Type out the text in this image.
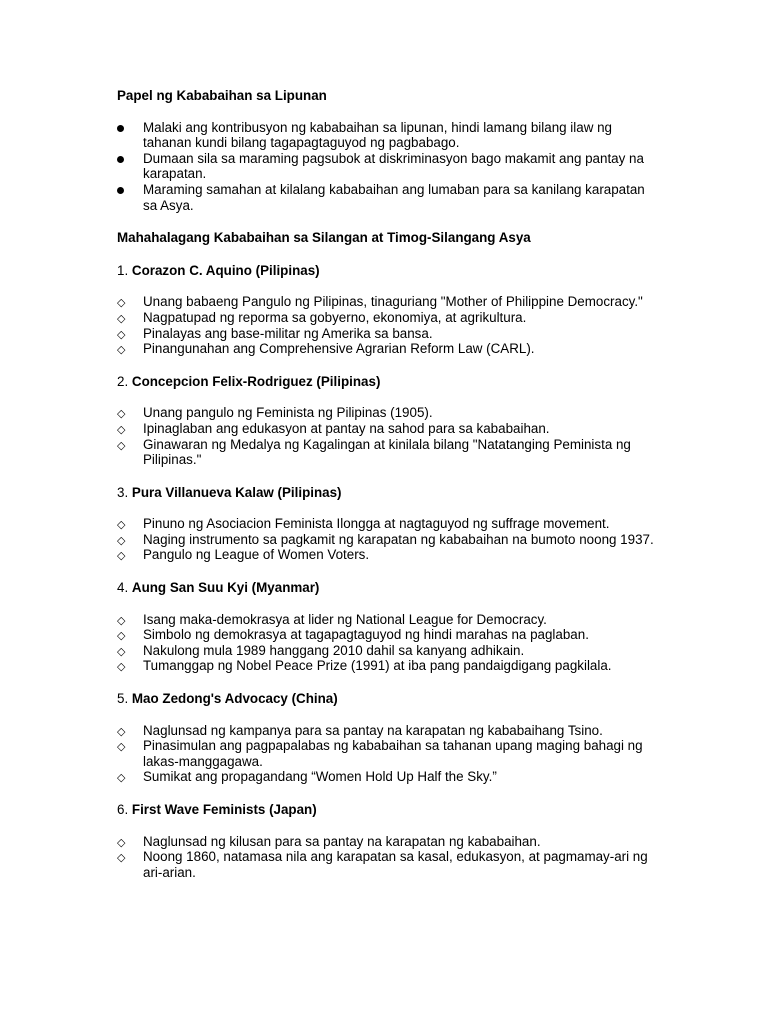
Papel ng Kababaihan sa Lipunan

Malaki ang kontribusyon ng kababaihan sa lipunan, hindi lamang bilang ilaw ng tahanan kundi bilang tagapagtaguyod ng pagbabago.
Dumaan sila sa maraming pagsubok at diskriminasyon bago makamit ang pantay na karapatan.
Maraming samahan at kilalang kababaihan ang lumaban para sa kanilang karapatan sa Asya.

Mahahalagang Kababaihan sa Silangan at Timog-Silangang Asya

1. Corazon C. Aquino (Pilipinas)

◇	Unang babaeng Pangulo ng Pilipinas, tinaguriang "Mother of Philippine Democracy."
◇	Nagpatupad ng reporma sa gobyerno, ekonomiya, at agrikultura.
◇	Pinalayas ang base-militar ng Amerika sa bansa.
◇	Pinangunahan ang Comprehensive Agrarian Reform Law (CARL).

2. Concepcion Felix-Rodriguez (Pilipinas)

◇	Unang pangulo ng Feminista ng Pilipinas (1905).
◇	Ipinaglaban ang edukasyon at pantay na sahod para sa kababaihan.
◇	Ginawaran ng Medalya ng Kagalingan at kinilala bilang "Natatanging Peminista ng Pilipinas."

3. Pura Villanueva Kalaw (Pilipinas)

◇	Pinuno ng Asociacion Feminista Ilongga at nagtaguyod ng suffrage movement.
◇	Naging instrumento sa pagkamit ng karapatan ng kababaihan na bumoto noong 1937.
◇	Pangulo ng League of Women Voters.

4. Aung San Suu Kyi (Myanmar)

◇	Isang maka-demokrasya at lider ng National League for Democracy.
◇	Simbolo ng demokrasya at tagapagtaguyod ng hindi marahas na paglaban.
◇	Nakulong mula 1989 hanggang 2010 dahil sa kanyang adhikain.
◇	Tumanggap ng Nobel Peace Prize (1991) at iba pang pandaigdigang pagkilala.

5. Mao Zedong's Advocacy (China)

◇	Naglunsad ng kampanya para sa pantay na karapatan ng kababaihang Tsino.
◇	Pinasimulan ang pagpapalabas ng kababaihan sa tahanan upang maging bahagi ng lakas-manggagawa.
◇	Sumikat ang propagandang “Women Hold Up Half the Sky.”

6. First Wave Feminists (Japan)

◇	Naglunsad ng kilusan para sa pantay na karapatan ng kababaihan.
◇	Noong 1860, natamasa nila ang karapatan sa kasal, edukasyon, at pagmamay-ari ng ari-arian.
